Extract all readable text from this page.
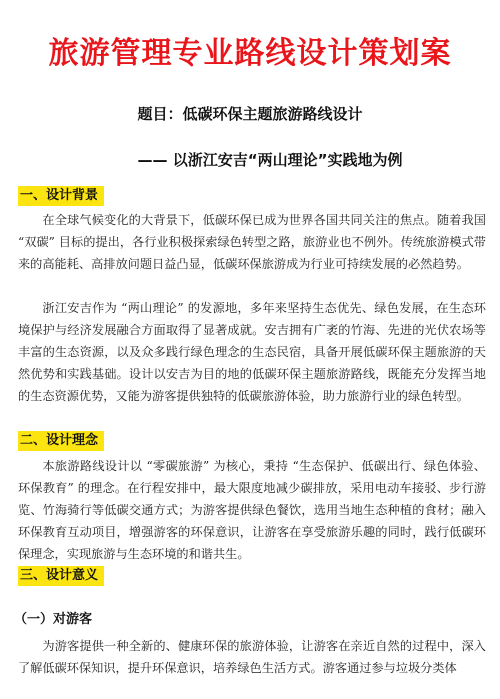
旅游管理专业路线设计策划案

题目：低碳环保主题旅游路线设计

—— 以浙江安吉“两山理论”实践地为例

一、设计背景

在全球气候变化的大背景下，低碳环保已成为世界各国共同关注的焦点。随着我国 “双碳” 目标的提出，各行业积极探索绿色转型之路，旅游业也不例外。传统旅游模式带来的高能耗、高排放问题日益凸显，低碳环保旅游成为行业可持续发展的必然趋势。

浙江安吉作为 “两山理论” 的发源地，多年来坚持生态优先、绿色发展，在生态环境保护与经济发展融合方面取得了显著成就。安吉拥有广袤的竹海、先进的光伏农场等丰富的生态资源，以及众多践行绿色理念的生态民宿，具备开展低碳环保主题旅游的天然优势和实践基础。设计以安吉为目的地的低碳环保主题旅游路线，既能充分发挥当地的生态资源优势，又能为游客提供独特的低碳旅游体验，助力旅游行业的绿色转型。

二、设计理念

本旅游路线设计以 “零碳旅游” 为核心，秉持 “生态保护、低碳出行、绿色体验、环保教育” 的理念。在行程安排中，最大限度地减少碳排放，采用电动车接驳、步行游览、竹海骑行等低碳交通方式；为游客提供绿色餐饮，选用当地生态种植的食材；融入环保教育互动项目，增强游客的环保意识，让游客在享受旅游乐趣的同时，践行低碳环保理念，实现旅游与生态环境的和谐共生。

三、设计意义

（一）对游客

为游客提供一种全新的、健康环保的旅游体验，让游客在亲近自然的过程中，深入了解低碳环保知识，提升环保意识，培养绿色生活方式。游客通过参与垃圾分类体
